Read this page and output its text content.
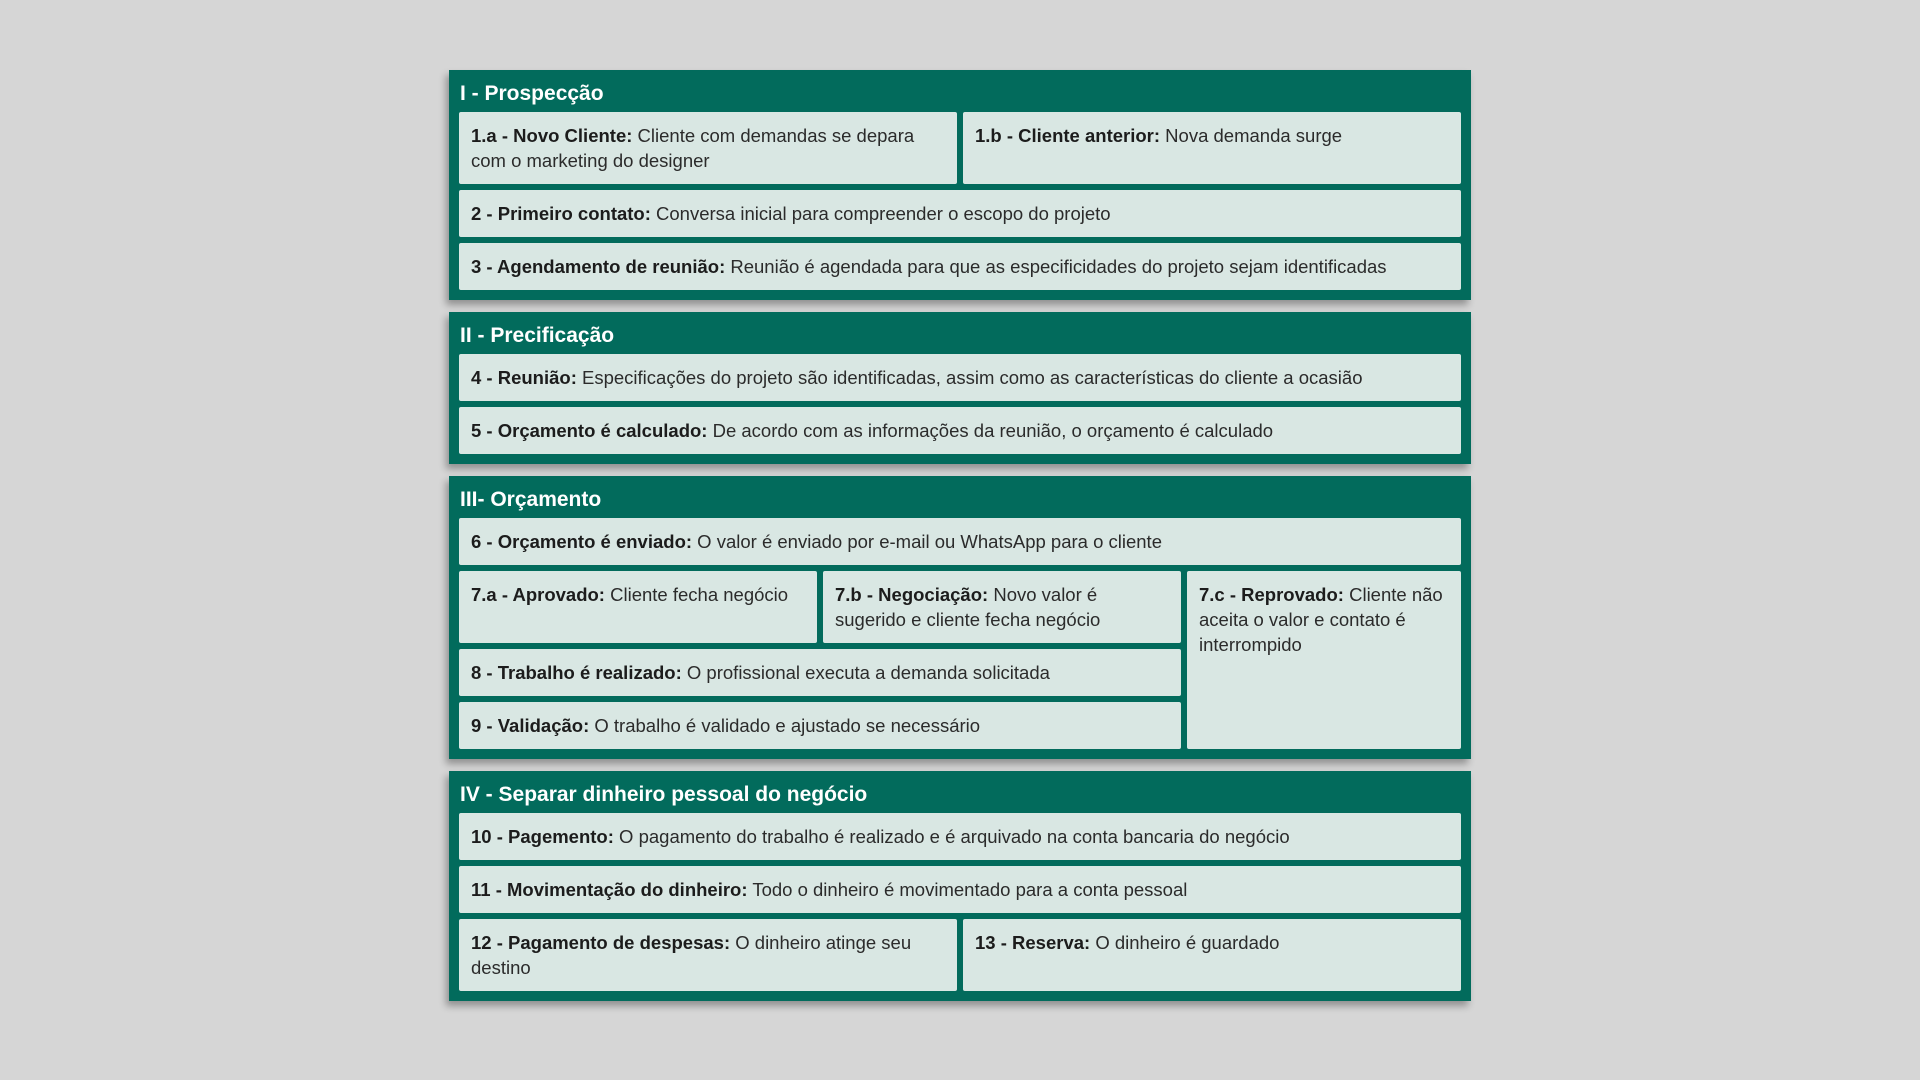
I - Prospecção
1.a - Novo Cliente: Cliente com demandas se depara com o marketing do designer
1.b - Cliente anterior: Nova demanda surge
2 - Primeiro contato: Conversa inicial para compreender o escopo do projeto
3 - Agendamento de reunião: Reunião é agendada para que as especificidades do projeto sejam identificadas
II - Precificação
4 - Reunião: Especificações do projeto são identificadas, assim como as características do cliente a ocasião
5 - Orçamento é calculado: De acordo com as informações da reunião, o orçamento é calculado
III- Orçamento
6 - Orçamento é enviado: O valor é enviado por e-mail ou WhatsApp para o cliente
7.a - Aprovado: Cliente fecha negócio	7.b - Negociação: Novo valor é sugerido e cliente fecha negócio
7.c - Reprovado: Cliente não aceita o valor e contato é interrompido
8 - Trabalho é realizado: O profissional executa a demanda solicitada
9 - Validação: O trabalho é validado e ajustado se necessário
IV - Separar dinheiro pessoal do negócio
10 - Pagemento: O pagamento do trabalho é realizado e é arquivado na conta bancaria do negócio
11 - Movimentação do dinheiro: Todo o dinheiro é movimentado para a conta pessoal
12 - Pagamento de despesas: O dinheiro atinge seu destino
13 - Reserva: O dinheiro é guardado
